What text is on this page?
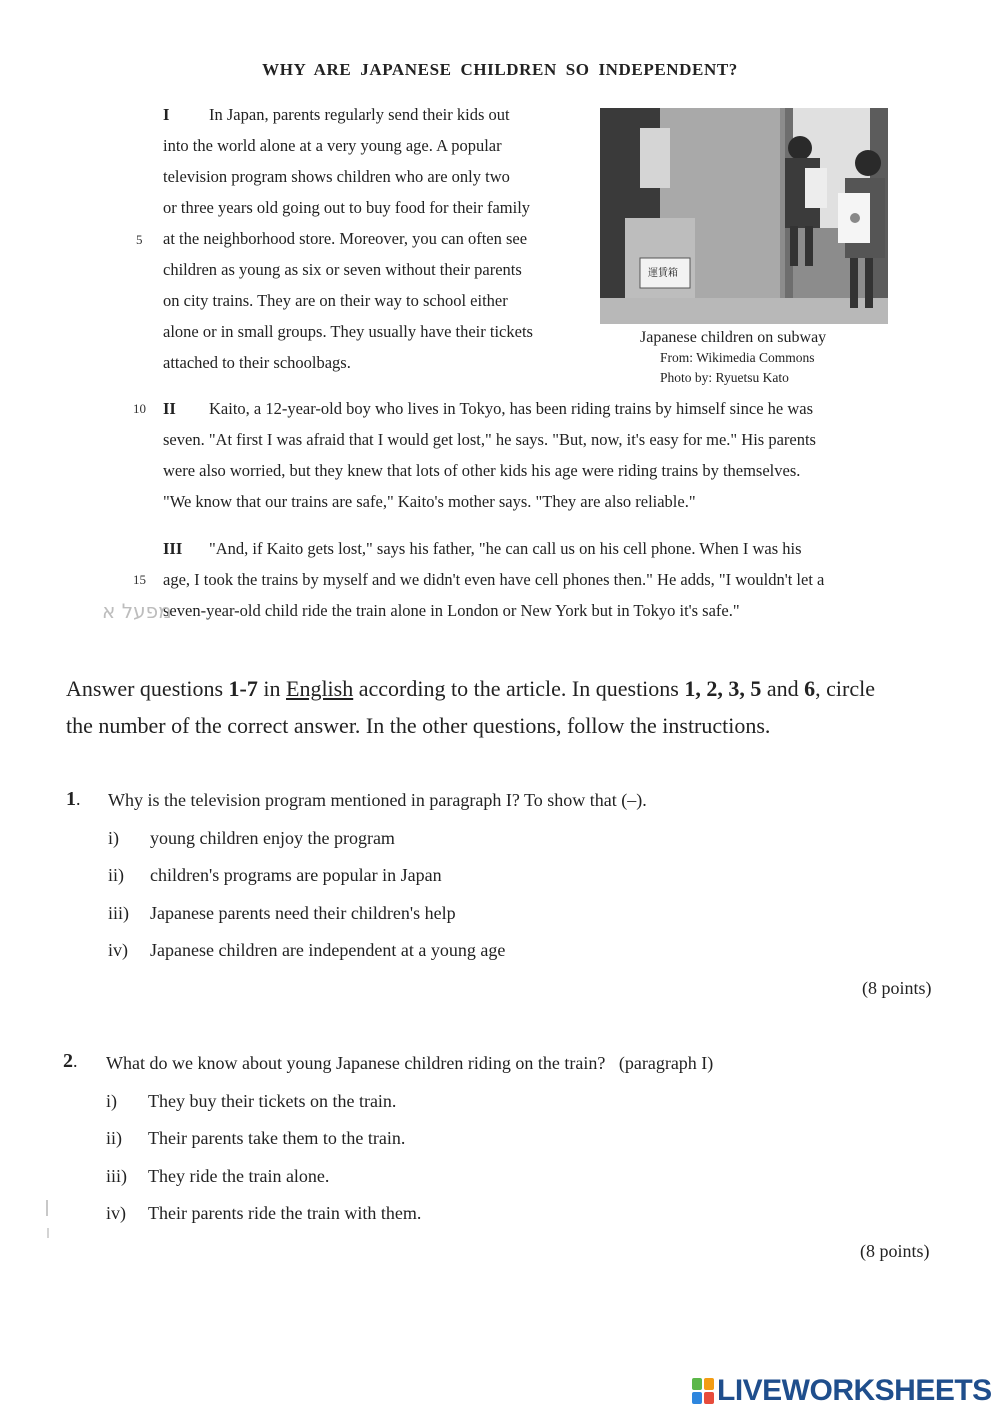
WHY ARE JAPANESE CHILDREN SO INDEPENDENT?
I In Japan, parents regularly send their kids out
into the world alone at a very young age. A popular
television program shows children who are only two
or three years old going out to buy food for their family
at the neighborhood store. Moreover, you can often see
children as young as six or seven without their parents
on city trains. They are on their way to school either
alone or in small groups. They usually have their tickets
attached to their schoolbags.
5
10
15
運賃箱
Japanese children on subway
From: Wikimedia Commons
Photo by: Ryuetsu Kato
II Kaito, a 12-year-old boy who lives in Tokyo, has been riding trains by himself since he was
seven. "At first I was afraid that I would get lost," he says. "But, now, it's easy for me." His parents
were also worried, but they knew that lots of other kids his age were riding trains by themselves.
"We know that our trains are safe," Kaito's mother says. "They are also reliable."
III "And, if Kaito gets lost," says his father, "he can call us on his cell phone. When I was his
age, I took the trains by myself and we didn't even have cell phones then." He adds, "I wouldn't let a
seven-year-old child ride the train alone in London or New York but in Tokyo it's safe."
מפעל א
Answer questions 1-7 in English according to the article. In questions 1, 2, 3, 5 and 6, circle
the number of the correct answer. In the other questions, follow the instructions.
1. Why is the television program mentioned in paragraph I? To show that (–).
i) young children enjoy the program
ii) children's programs are popular in Japan
iii) Japanese parents need their children's help
iv) Japanese children are independent at a young age
(8 points)
2. What do we know about young Japanese children riding on the train?   (paragraph I)
i) They buy their tickets on the train.
ii) Their parents take them to the train.
iii) They ride the train alone.
iv) Their parents ride the train with them.
(8 points)
LIVEWORKSHEETS
